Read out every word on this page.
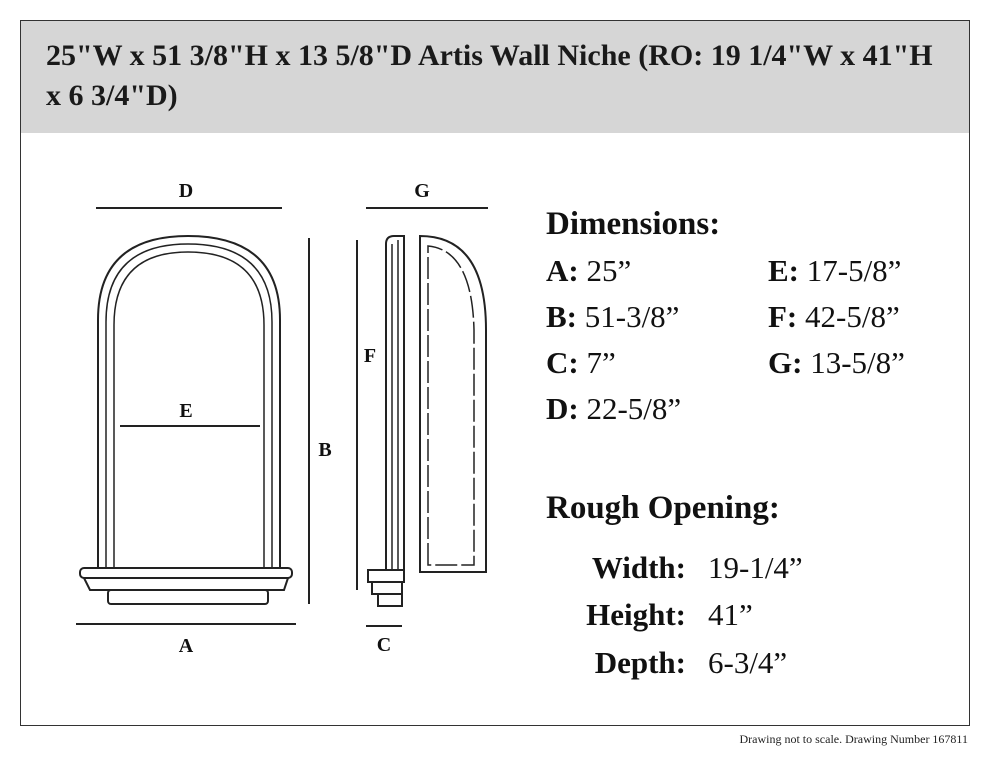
25"W x 51 3/8"H x 13 5/8"D Artis Wall Niche (RO: 19 1/4"W x 41"H x 6 3/4"D)
D
E
A
B
G
F
C
Dimensions:
A: 25”
B: 51-3/8”
C: 7”
D: 22-5/8”
E: 17-5/8”
F: 42-5/8”
G: 13-5/8”
Rough Opening:
Width: 19-1/4”
Height: 41”
Depth: 6-3/4”
Drawing not to scale. Drawing Number 167811
